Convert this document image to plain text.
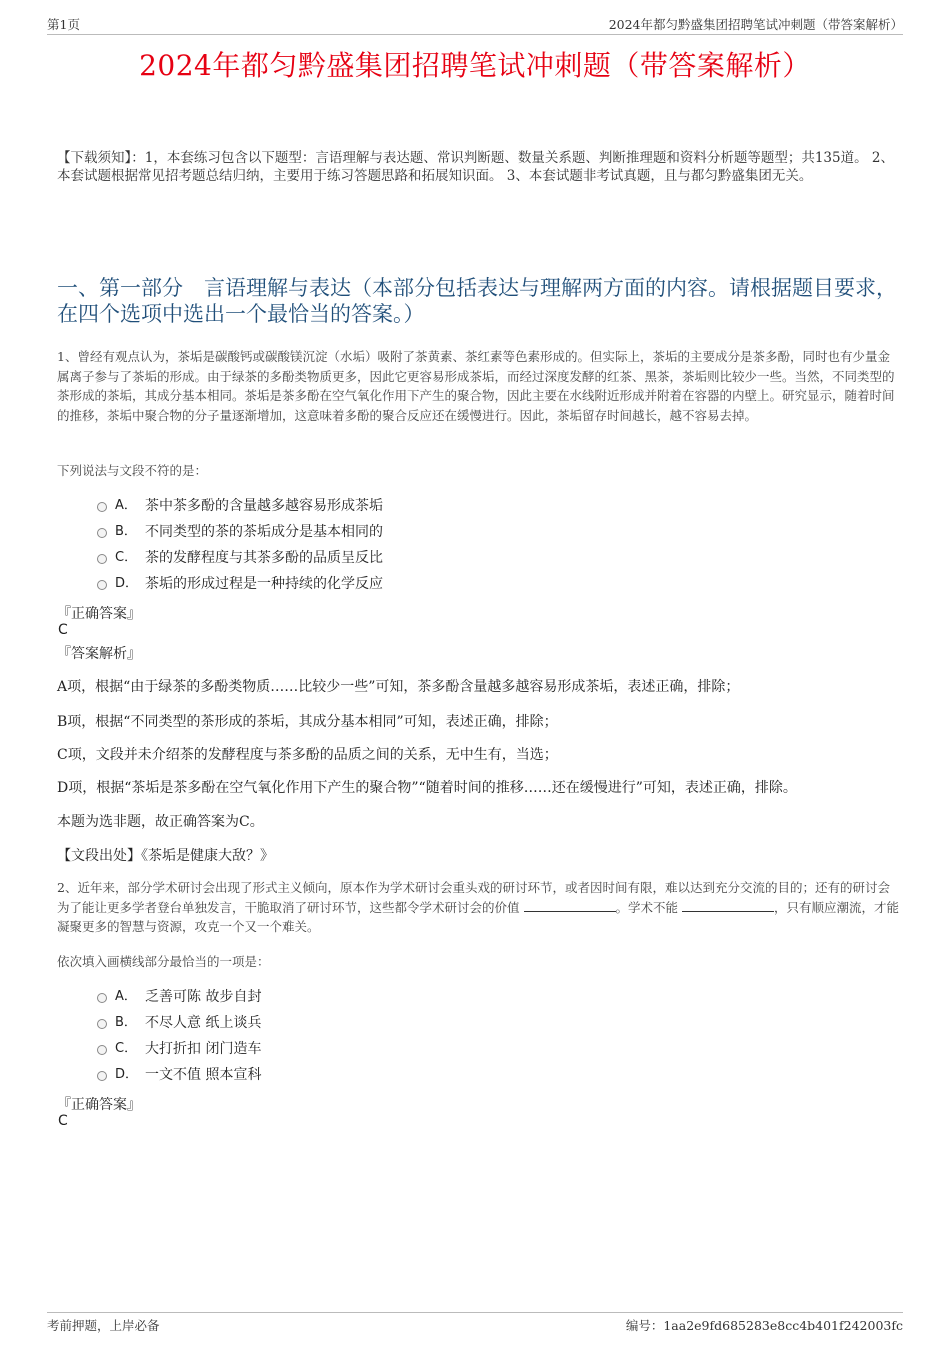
第1页	2024年都匀黔盛集团招聘笔试冲刺题（带答案解析）
2024年都匀黔盛集团招聘笔试冲刺题（带答案解析）
【下载须知】：1，本套练习包含以下题型：言语理解与表达题、常识判断题、数量关系题、判断推理题和资料分析题等题型；共135道。 2、本套试题根据常见招考题总结归纳，主要用于练习答题思路和拓展知识面。 3、本套试题非考试真题，且与都匀黔盛集团无关。
一、第一部分　言语理解与表达（本部分包括表达与理解两方面的内容。请根据题目要求，在四个选项中选出一个最恰当的答案。）
1、曾经有观点认为，茶垢是碳酸钙或碳酸镁沉淀（水垢）吸附了茶黄素、茶红素等色素形成的。但实际上，茶垢的主要成分是茶多酚，同时也有少量金属离子参与了茶垢的形成。由于绿茶的多酚类物质更多，因此它更容易形成茶垢，而经过深度发酵的红茶、黑茶，茶垢则比较少一些。当然，不同类型的茶形成的茶垢，其成分基本相同。茶垢是茶多酚在空气氧化作用下产生的聚合物，因此主要在水线附近形成并附着在容器的内壁上。研究显示，随着时间的推移，茶垢中聚合物的分子量逐渐增加，这意味着多酚的聚合反应还在缓慢进行。因此，茶垢留存时间越长，越不容易去掉。
下列说法与文段不符的是：
A． 茶中茶多酚的含量越多越容易形成茶垢
B． 不同类型的茶的茶垢成分是基本相同的
C． 茶的发酵程度与其茶多酚的品质呈反比
D． 茶垢的形成过程是一种持续的化学反应
『正确答案』
C
『答案解析』
A项，根据“由于绿茶的多酚类物质……比较少一些”可知，茶多酚含量越多越容易形成茶垢，表述正确，排除；
B项，根据“不同类型的茶形成的茶垢，其成分基本相同”可知，表述正确，排除；
C项，文段并未介绍茶的发酵程度与茶多酚的品质之间的关系，无中生有，当选；
D项，根据“茶垢是茶多酚在空气氧化作用下产生的聚合物”“随着时间的推移……还在缓慢进行”可知，表述正确，排除。
本题为选非题，故正确答案为C。
【文段出处】《茶垢是健康大敌？》
2、近年来，部分学术研讨会出现了形式主义倾向，原本作为学术研讨会重头戏的研讨环节，或者因时间有限，难以达到充分交流的目的；还有的研讨会为了能让更多学者登台单独发言，干脆取消了研讨环节，这些都令学术研讨会的价值	。学术不能	，只有顺应潮流，才能凝聚更多的智慧与资源，攻克一个又一个难关。
依次填入画横线部分最恰当的一项是：
A． 乏善可陈 故步自封
B． 不尽人意 纸上谈兵
C． 大打折扣 闭门造车
D． 一文不值 照本宣科
『正确答案』
C
考前押题，上岸必备	编号：1aa2e9fd685283e8cc4b401f242003fc
